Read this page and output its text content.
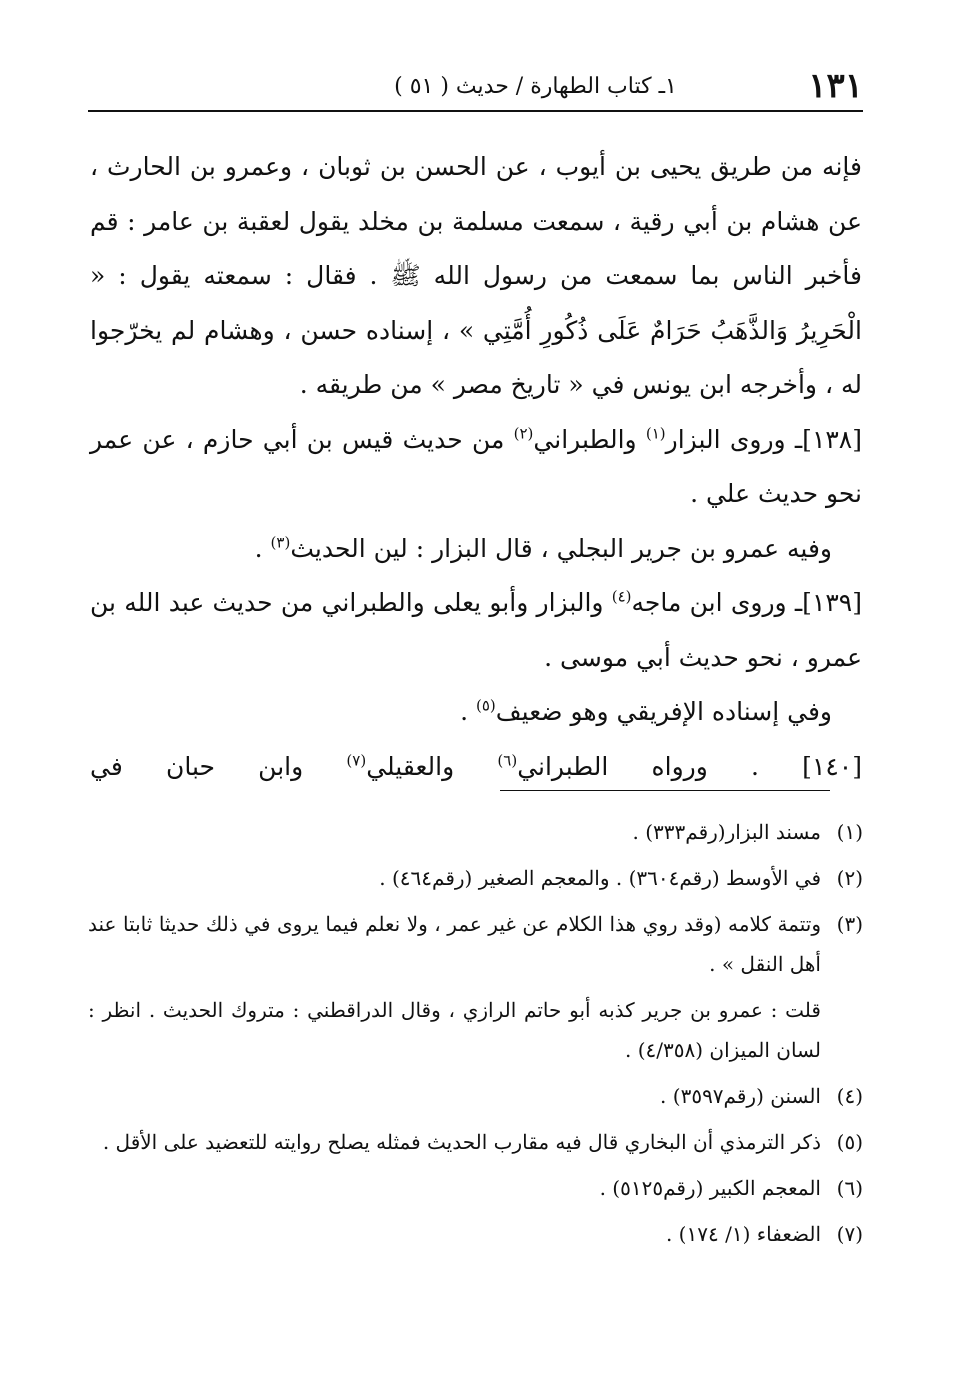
١٣١
١ـ كتاب الطهارة / حديث ( ٥١ )

فإنه من طريق يحيى بن أيوب ، عن الحسن بن ثوبان ، وعمرو بن الحارث ، عن هشام بن أبي رقية ، سمعت مسلمة بن مخلد يقول لعقبة بن عامر : قم فأخبر الناس بما سمعت من رسول الله ﷺ . فقال : سمعته يقول : « الْحَرِيرُ وَالذَّهَبُ حَرَامٌ عَلَى ذُكُورِ أُمَّتِي » ، إسناده حسن ، وهشام لم يخرّجوا له ، وأخرجه ابن يونس في « تاريخ مصر » من طريقه .

[١٣٨]ـ وروى البزار$^{(١)}$ والطبراني$^{(٢)}$ من حديث قيس بن أبي حازم ، عن عمر نحو حديث علي .

وفيه عمرو بن جرير البجلي ، قال البزار : لين الحديث$^{(٣)}$ .

[١٣٩]ـ وروى ابن ماجه$^{(٤)}$ والبزار وأبو يعلى والطبراني من حديث عبد الله بن عمرو ، نحو حديث أبي موسى .

وفي إسناده الإفريقي وهو ضعيف$^{(٥)}$ .

[١٤٠] . ورواه الطبراني$^{(٦)}$ والعقيلي$^{(٧)}$ وابن حبان في

(١)
مسند البزار(رقم٣٣٣) .
(٢)
في الأوسط (رقم٣٦٠٤) . والمعجم الصغير (رقم٤٦٤) .
(٣)
وتتمة كلامه (وقد روي هذا الكلام عن غير عمر ، ولا نعلم فيما يروى في ذلك حديثا ثابتا عند أهل النقل » .
قلت : عمرو بن جرير كذبه أبو حاتم الرازي ، وقال الدراقطني : متروك الحديث . انظر : لسان الميزان (٤/٣٥٨) .
(٤)
السنن (رقم٣٥٩٧) .
(٥)
ذكر الترمذي أن البخاري قال فيه مقارب الحديث فمثله يصلح روايته للتعضيد على الأقل .
(٦)
المعجم الكبير (رقم٥١٢٥) .
(٧)
الضعفاء (١/ ١٧٤) .
